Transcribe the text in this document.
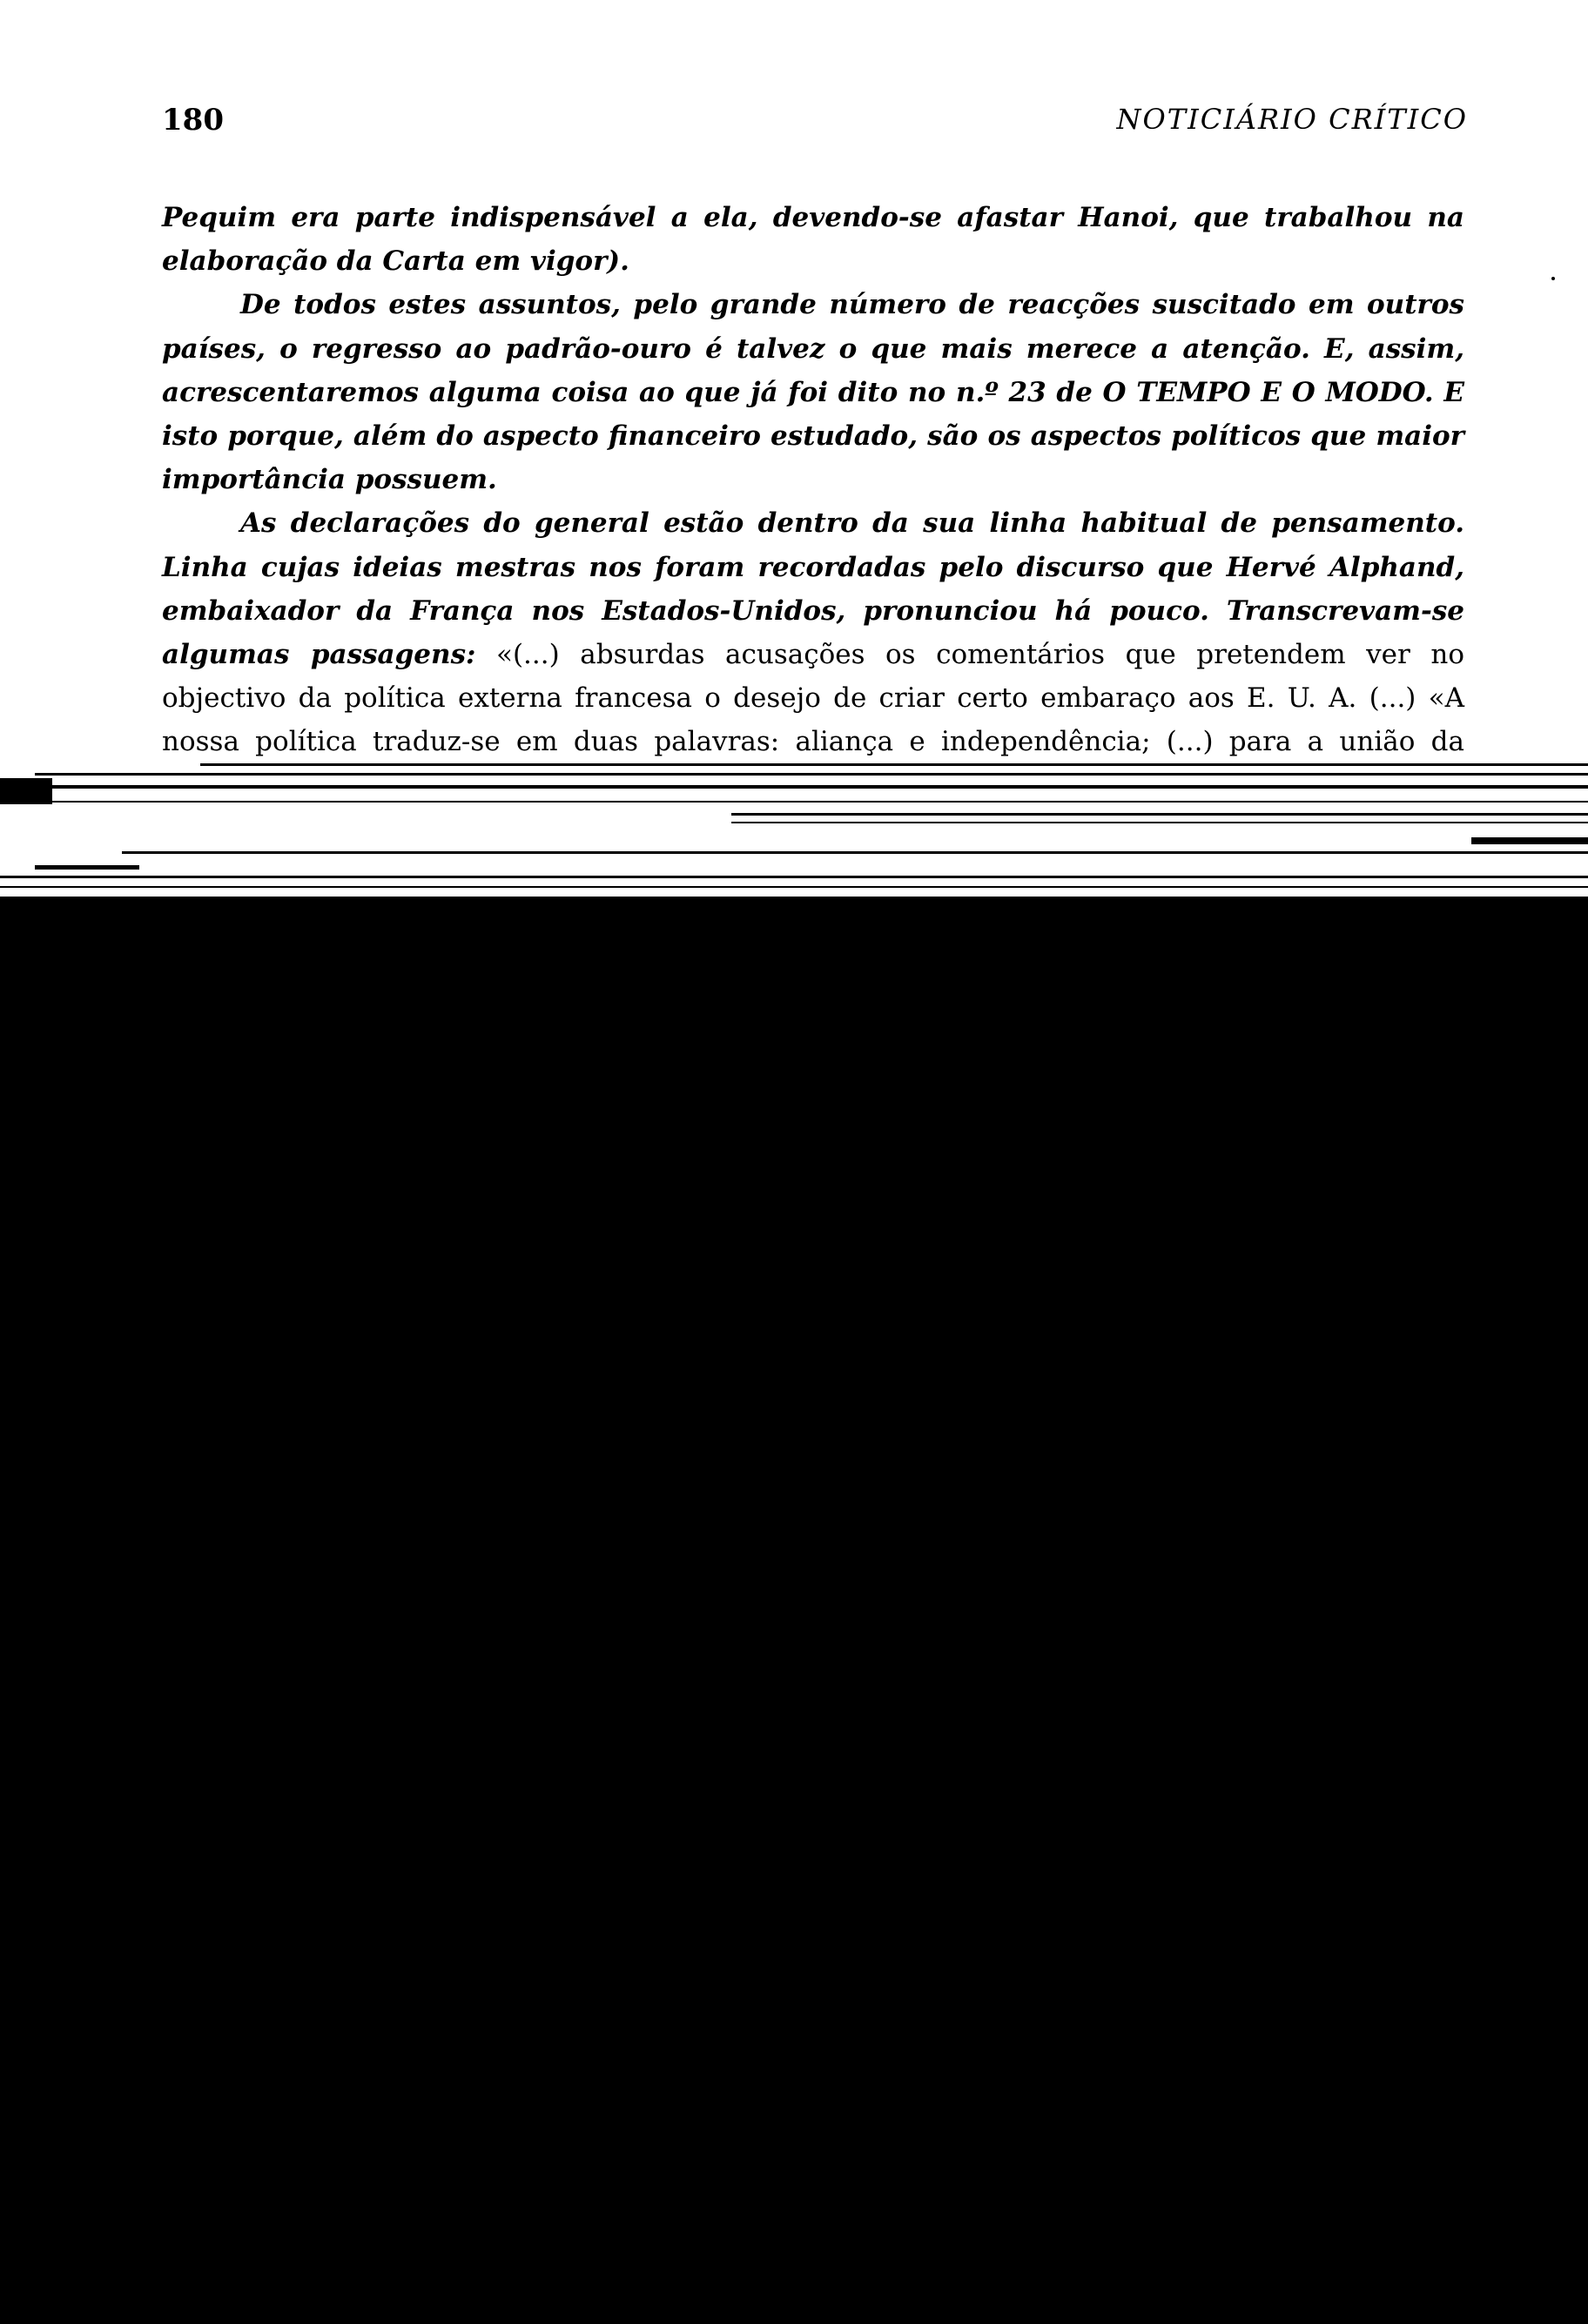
180	NOTICIÁRIO CRÍTICO

Pequim era parte indispensável a ela, devendo-se afastar Hanoi, que trabalhou na elaboração da Carta em vigor).

De todos estes assuntos, pelo grande número de reacções suscitado em outros países, o regresso ao padrão-ouro é talvez o que mais merece a atenção. E, assim, acrescentaremos alguma coisa ao que já foi dito no n.º 23 de O TEMPO E O MODO. E isto porque, além do aspecto financeiro estudado, são os aspectos políticos que maior importância possuem.

As declarações do general estão dentro da sua linha habitual de pensamento. Linha cujas ideias mestras nos foram recordadas pelo discurso que Hervé Alphand, embaixador da França nos Estados-Unidos, pronunciou há pouco. Transcrevam-se algumas passagens: «(...) absurdas acusações os comentários que pretendem ver no objectivo da política externa francesa o desejo de criar certo embaraço aos E. U. A. (...) «A nossa política traduz-se em duas palavras: aliança e independência; (...) para a união da
